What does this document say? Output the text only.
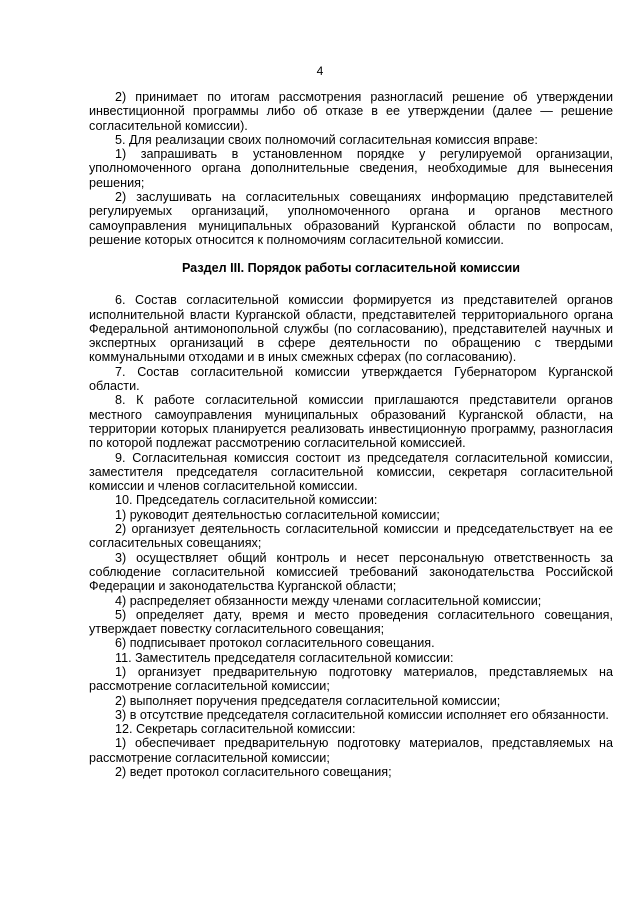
4

2) принимает по итогам рассмотрения разногласий решение об утверждении инвестиционной программы либо об отказе в ее утверждении (далее — решение согласительной комиссии).

5. Для реализации своих полномочий согласительная комиссия вправе:

1) запрашивать в установленном порядке у регулируемой организации, уполномоченного органа дополнительные сведения, необходимые для вынесения решения;

2) заслушивать на согласительных совещаниях информацию представителей регулируемых организаций, уполномоченного органа и органов местного самоуправления муниципальных образований Курганской области по вопросам, решение которых относится к полномочиям согласительной комиссии.

Раздел III. Порядок работы согласительной комиссии

6. Состав согласительной комиссии формируется из представителей органов исполнительной власти Курганской области, представителей территориального органа Федеральной антимонопольной службы (по согласованию), представителей научных и экспертных организаций в сфере деятельности по обращению с твердыми коммунальными отходами и в иных смежных сферах (по согласованию).

7. Состав согласительной комиссии утверждается Губернатором Курганской области.

8. К работе согласительной комиссии приглашаются представители органов местного самоуправления муниципальных образований Курганской области, на территории которых планируется реализовать инвестиционную программу, разногласия по которой подлежат рассмотрению согласительной комиссией.

9. Согласительная комиссия состоит из председателя согласительной комиссии, заместителя председателя согласительной комиссии, секретаря согласительной комиссии и членов согласительной комиссии.

10. Председатель согласительной комиссии:

1) руководит деятельностью согласительной комиссии;

2) организует деятельность согласительной комиссии и председательствует на ее согласительных совещаниях;

3) осуществляет общий контроль и несет персональную ответственность за соблюдение согласительной комиссией требований законодательства Российской Федерации и законодательства Курганской области;

4) распределяет обязанности между членами согласительной комиссии;

5) определяет дату, время и место проведения согласительного совещания, утверждает повестку согласительного совещания;

6) подписывает протокол согласительного совещания.

11. Заместитель председателя согласительной комиссии:

1) организует предварительную подготовку материалов, представляемых на рассмотрение согласительной комиссии;

2) выполняет поручения председателя согласительной комиссии;

3) в отсутствие председателя согласительной комиссии исполняет его обязанности.

12. Секретарь согласительной комиссии:

1) обеспечивает предварительную подготовку материалов, представляемых на рассмотрение согласительной комиссии;

2) ведет протокол согласительного совещания;
